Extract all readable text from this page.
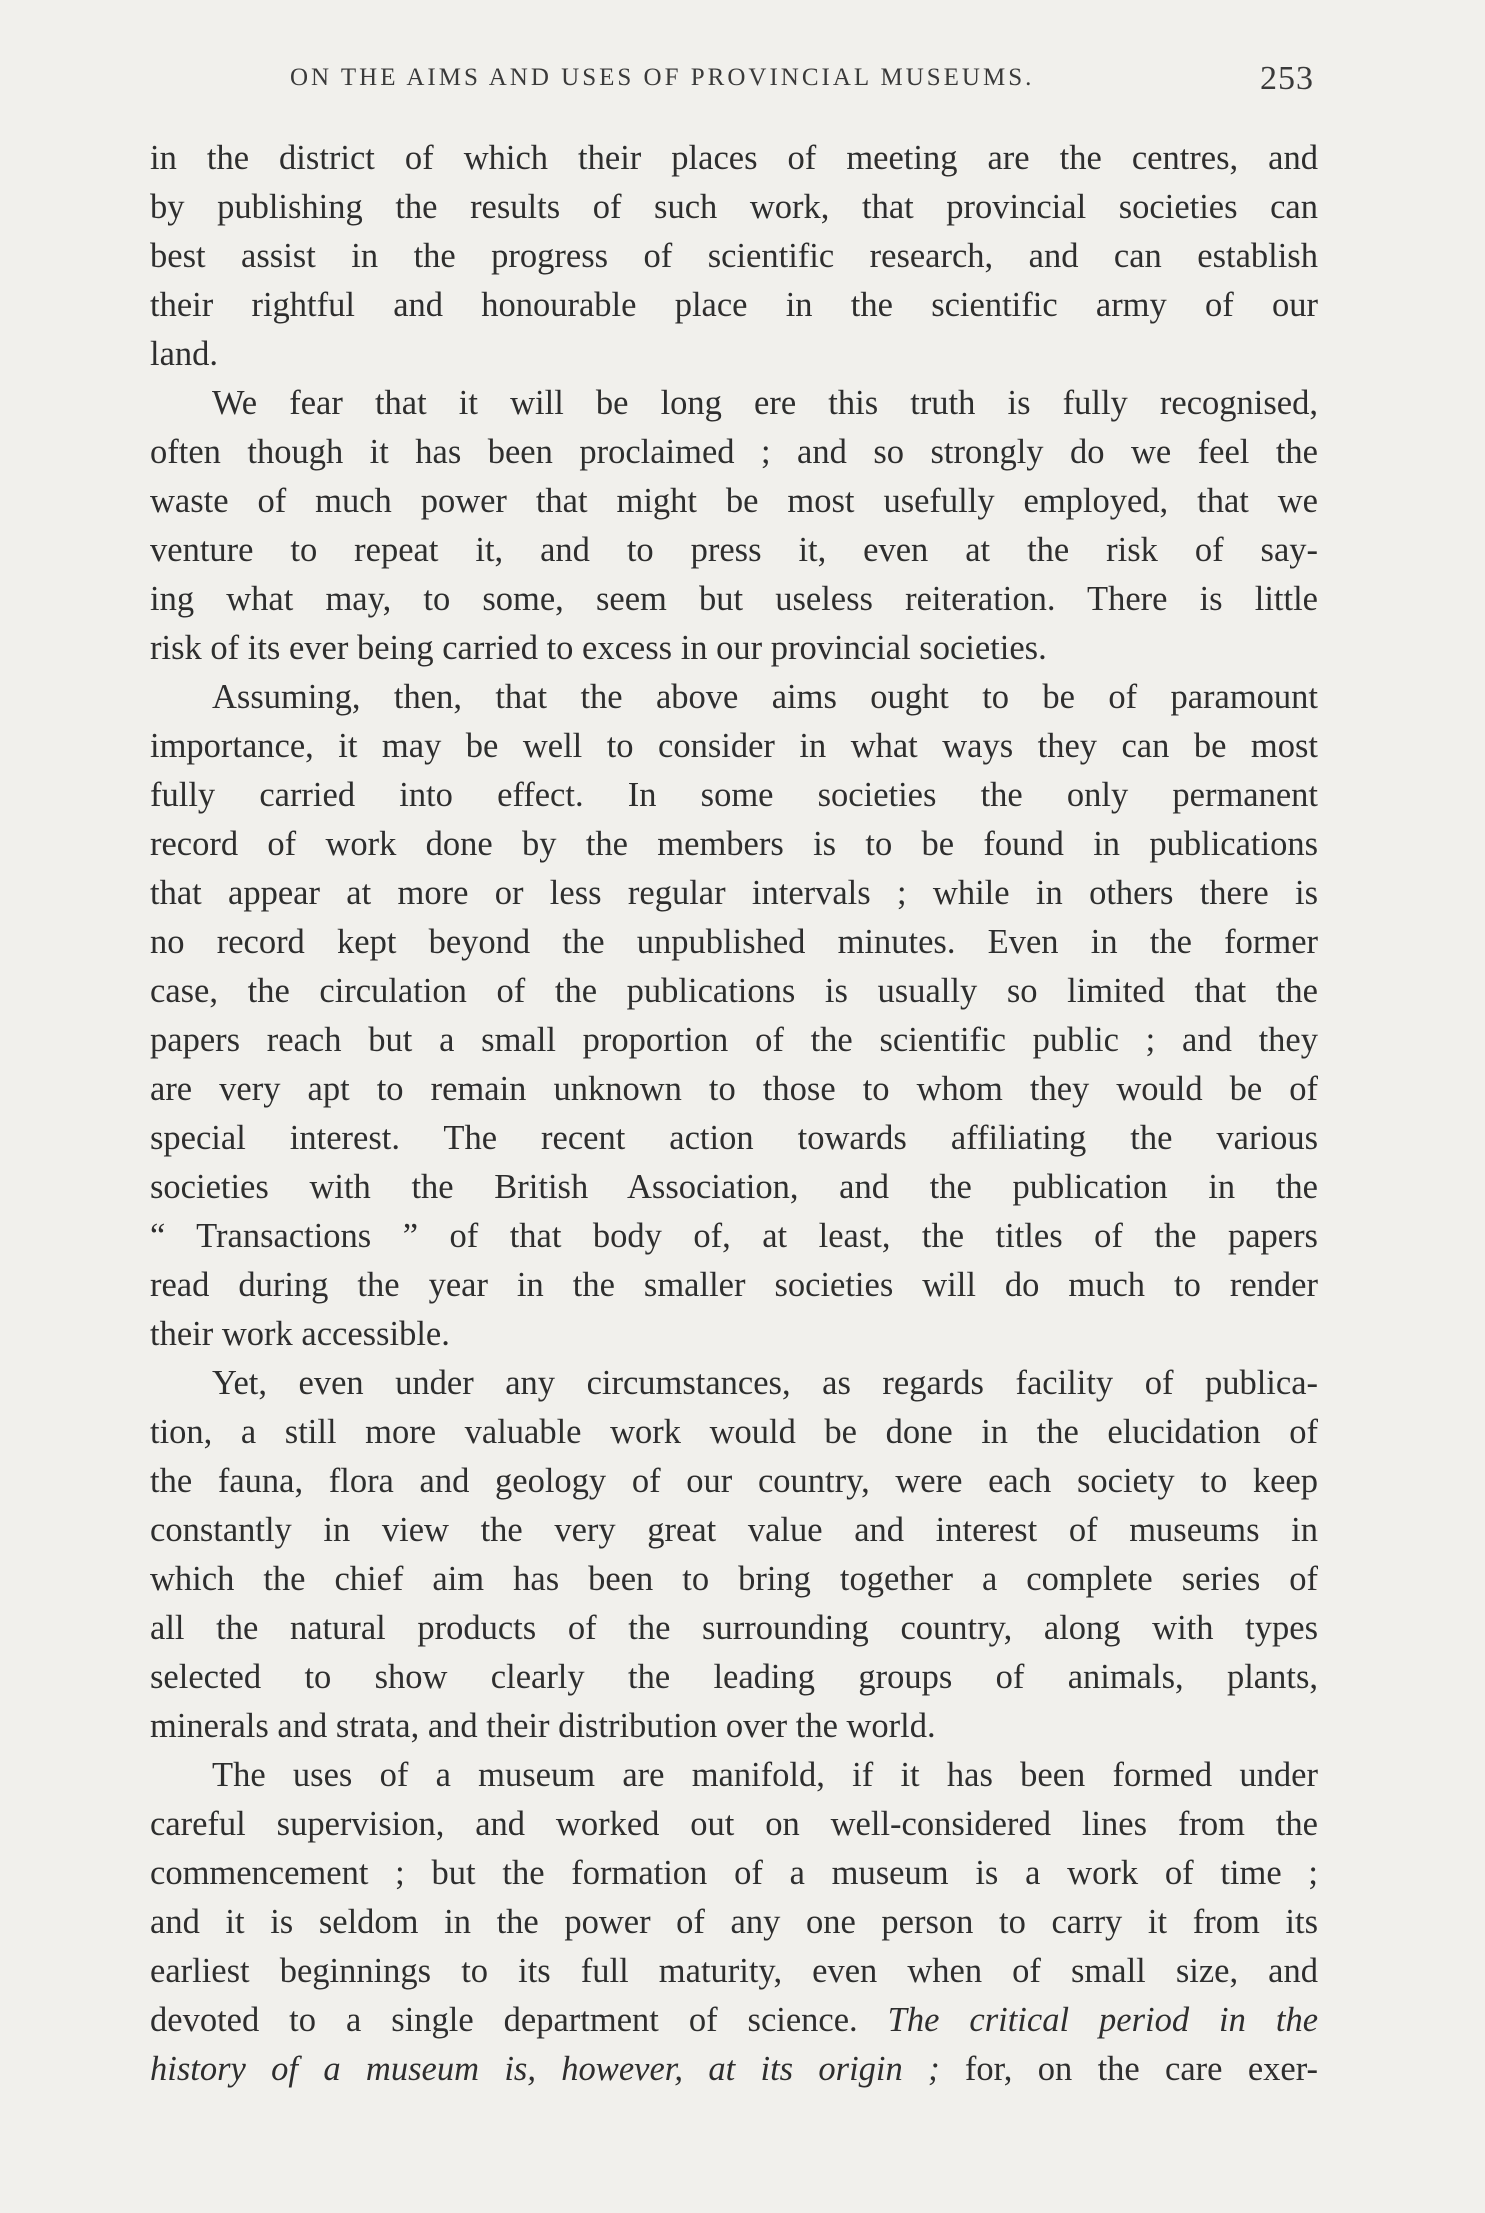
ON THE AIMS AND USES OF PROVINCIAL MUSEUMS.	253
in the district of which their places of meeting are the centres, and
by publishing the results of such work, that provincial societies can
best assist in the progress of scientific research, and can establish
their rightful and honourable place in the scientific army of our
land.
We fear that it will be long ere this truth is fully recognised,
often though it has been proclaimed ; and so strongly do we feel the
waste of much power that might be most usefully employed, that we
venture to repeat it, and to press it, even at the risk of say-
ing what may, to some, seem but useless reiteration. There is little
risk of its ever being carried to excess in our provincial societies.
Assuming, then, that the above aims ought to be of paramount
importance, it may be well to consider in what ways they can be most
fully carried into effect. In some societies the only permanent
record of work done by the members is to be found in publications
that appear at more or less regular intervals ; while in others there is
no record kept beyond the unpublished minutes. Even in the former
case, the circulation of the publications is usually so limited that the
papers reach but a small proportion of the scientific public ; and they
are very apt to remain unknown to those to whom they would be of
special interest. The recent action towards affiliating the various
societies with the British Association, and the publication in the
“ Transactions ” of that body of, at least, the titles of the papers
read during the year in the smaller societies will do much to render
their work accessible.
Yet, even under any circumstances, as regards facility of publica-
tion, a still more valuable work would be done in the elucidation of
the fauna, flora and geology of our country, were each society to keep
constantly in view the very great value and interest of museums in
which the chief aim has been to bring together a complete series of
all the natural products of the surrounding country, along with types
selected to show clearly the leading groups of animals, plants,
minerals and strata, and their distribution over the world.
The uses of a museum are manifold, if it has been formed under
careful supervision, and worked out on well-considered lines from the
commencement ; but the formation of a museum is a work of time ;
and it is seldom in the power of any one person to carry it from its
earliest beginnings to its full maturity, even when of small size, and
devoted to a single department of science. The critical period in the
history of a museum is, however, at its origin ; for, on the care exer-
